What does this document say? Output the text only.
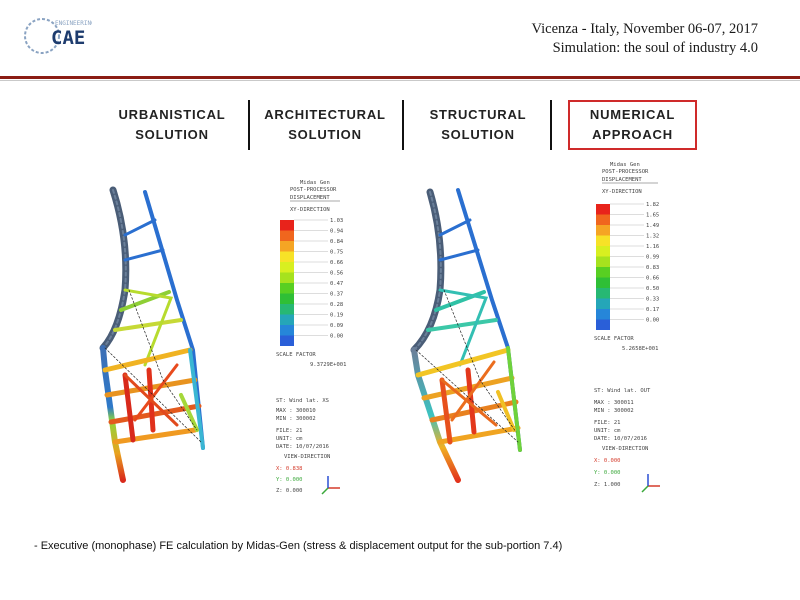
CAE
ENGINEERING	Vicenza - Italy, November 06-07, 2017
Simulation: the soul of industry 4.0
URBANISTICAL
SOLUTION
ARCHITECTURAL
SOLUTION
STRUCTURAL
SOLUTION
NUMERICAL
APPROACH
Midas Gen
POST-PROCESSOR
DISPLACEMENT
XY-DIRECTION
1.03
0.94
0.84
0.75
0.66
0.56
0.47
0.37
0.28
0.19
0.09
0.00
SCALE FACTOR
9.3729E+001
ST: Wind lat. XS
MAX : 300010
MIN : 300002
FILE: 21
UNIT: cm
DATE: 10/07/2016
VIEW-DIRECTION
X: 0.838
Y: 0.000
Z: 0.000
Midas Gen
POST-PROCESSOR
DISPLACEMENT
XY-DIRECTION
1.82
1.65
1.49
1.32
1.16
0.99
0.83
0.66
0.50
0.33
0.17
0.00
SCALE FACTOR
5.2658E+001
ST: Wind lat. OUT
MAX : 300011
MIN : 300002
FILE: 21
UNIT: cm
DATE: 10/07/2016
VIEW-DIRECTION
X: 0.000
Y: 0.000
Z: 1.000
- Executive (monophase) FE calculation by Midas-Gen (stress & displacement output for the sub-portion 7.4)
